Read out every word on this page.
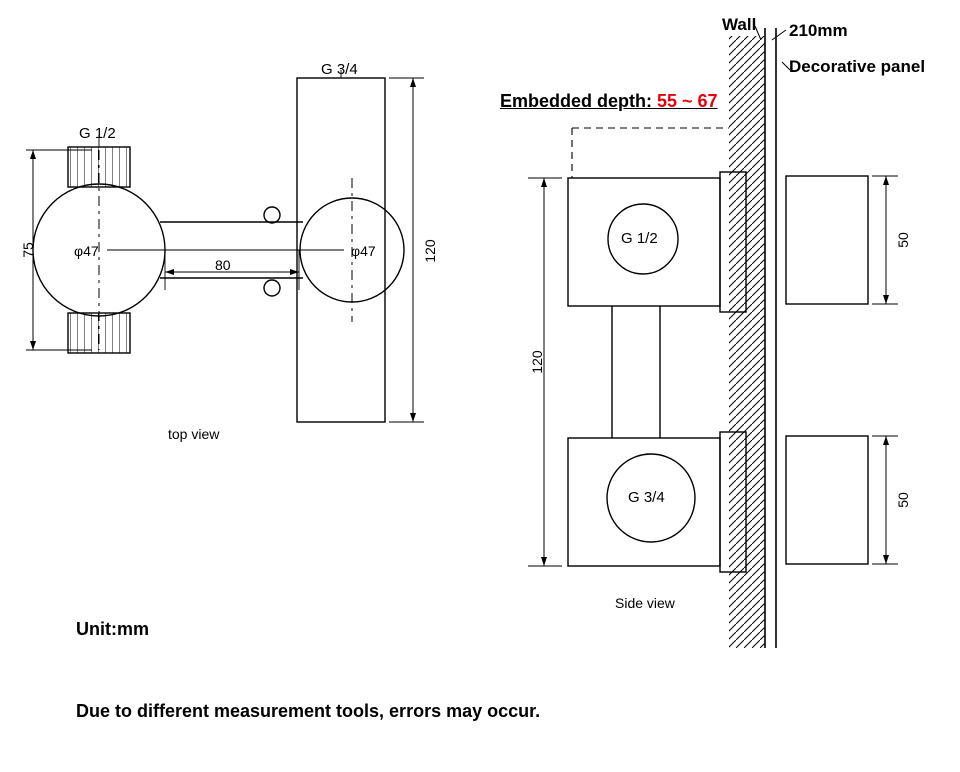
G 1/2
G 3/4
75	120
80
φ47	φ47
top view
Wall 210mm
Decorative panel
Embedded depth: 55 ~ 67
G 1/2
G 3/4
120
50
50
Side view
Unit:mm
Due to different measurement tools, errors may occur.
